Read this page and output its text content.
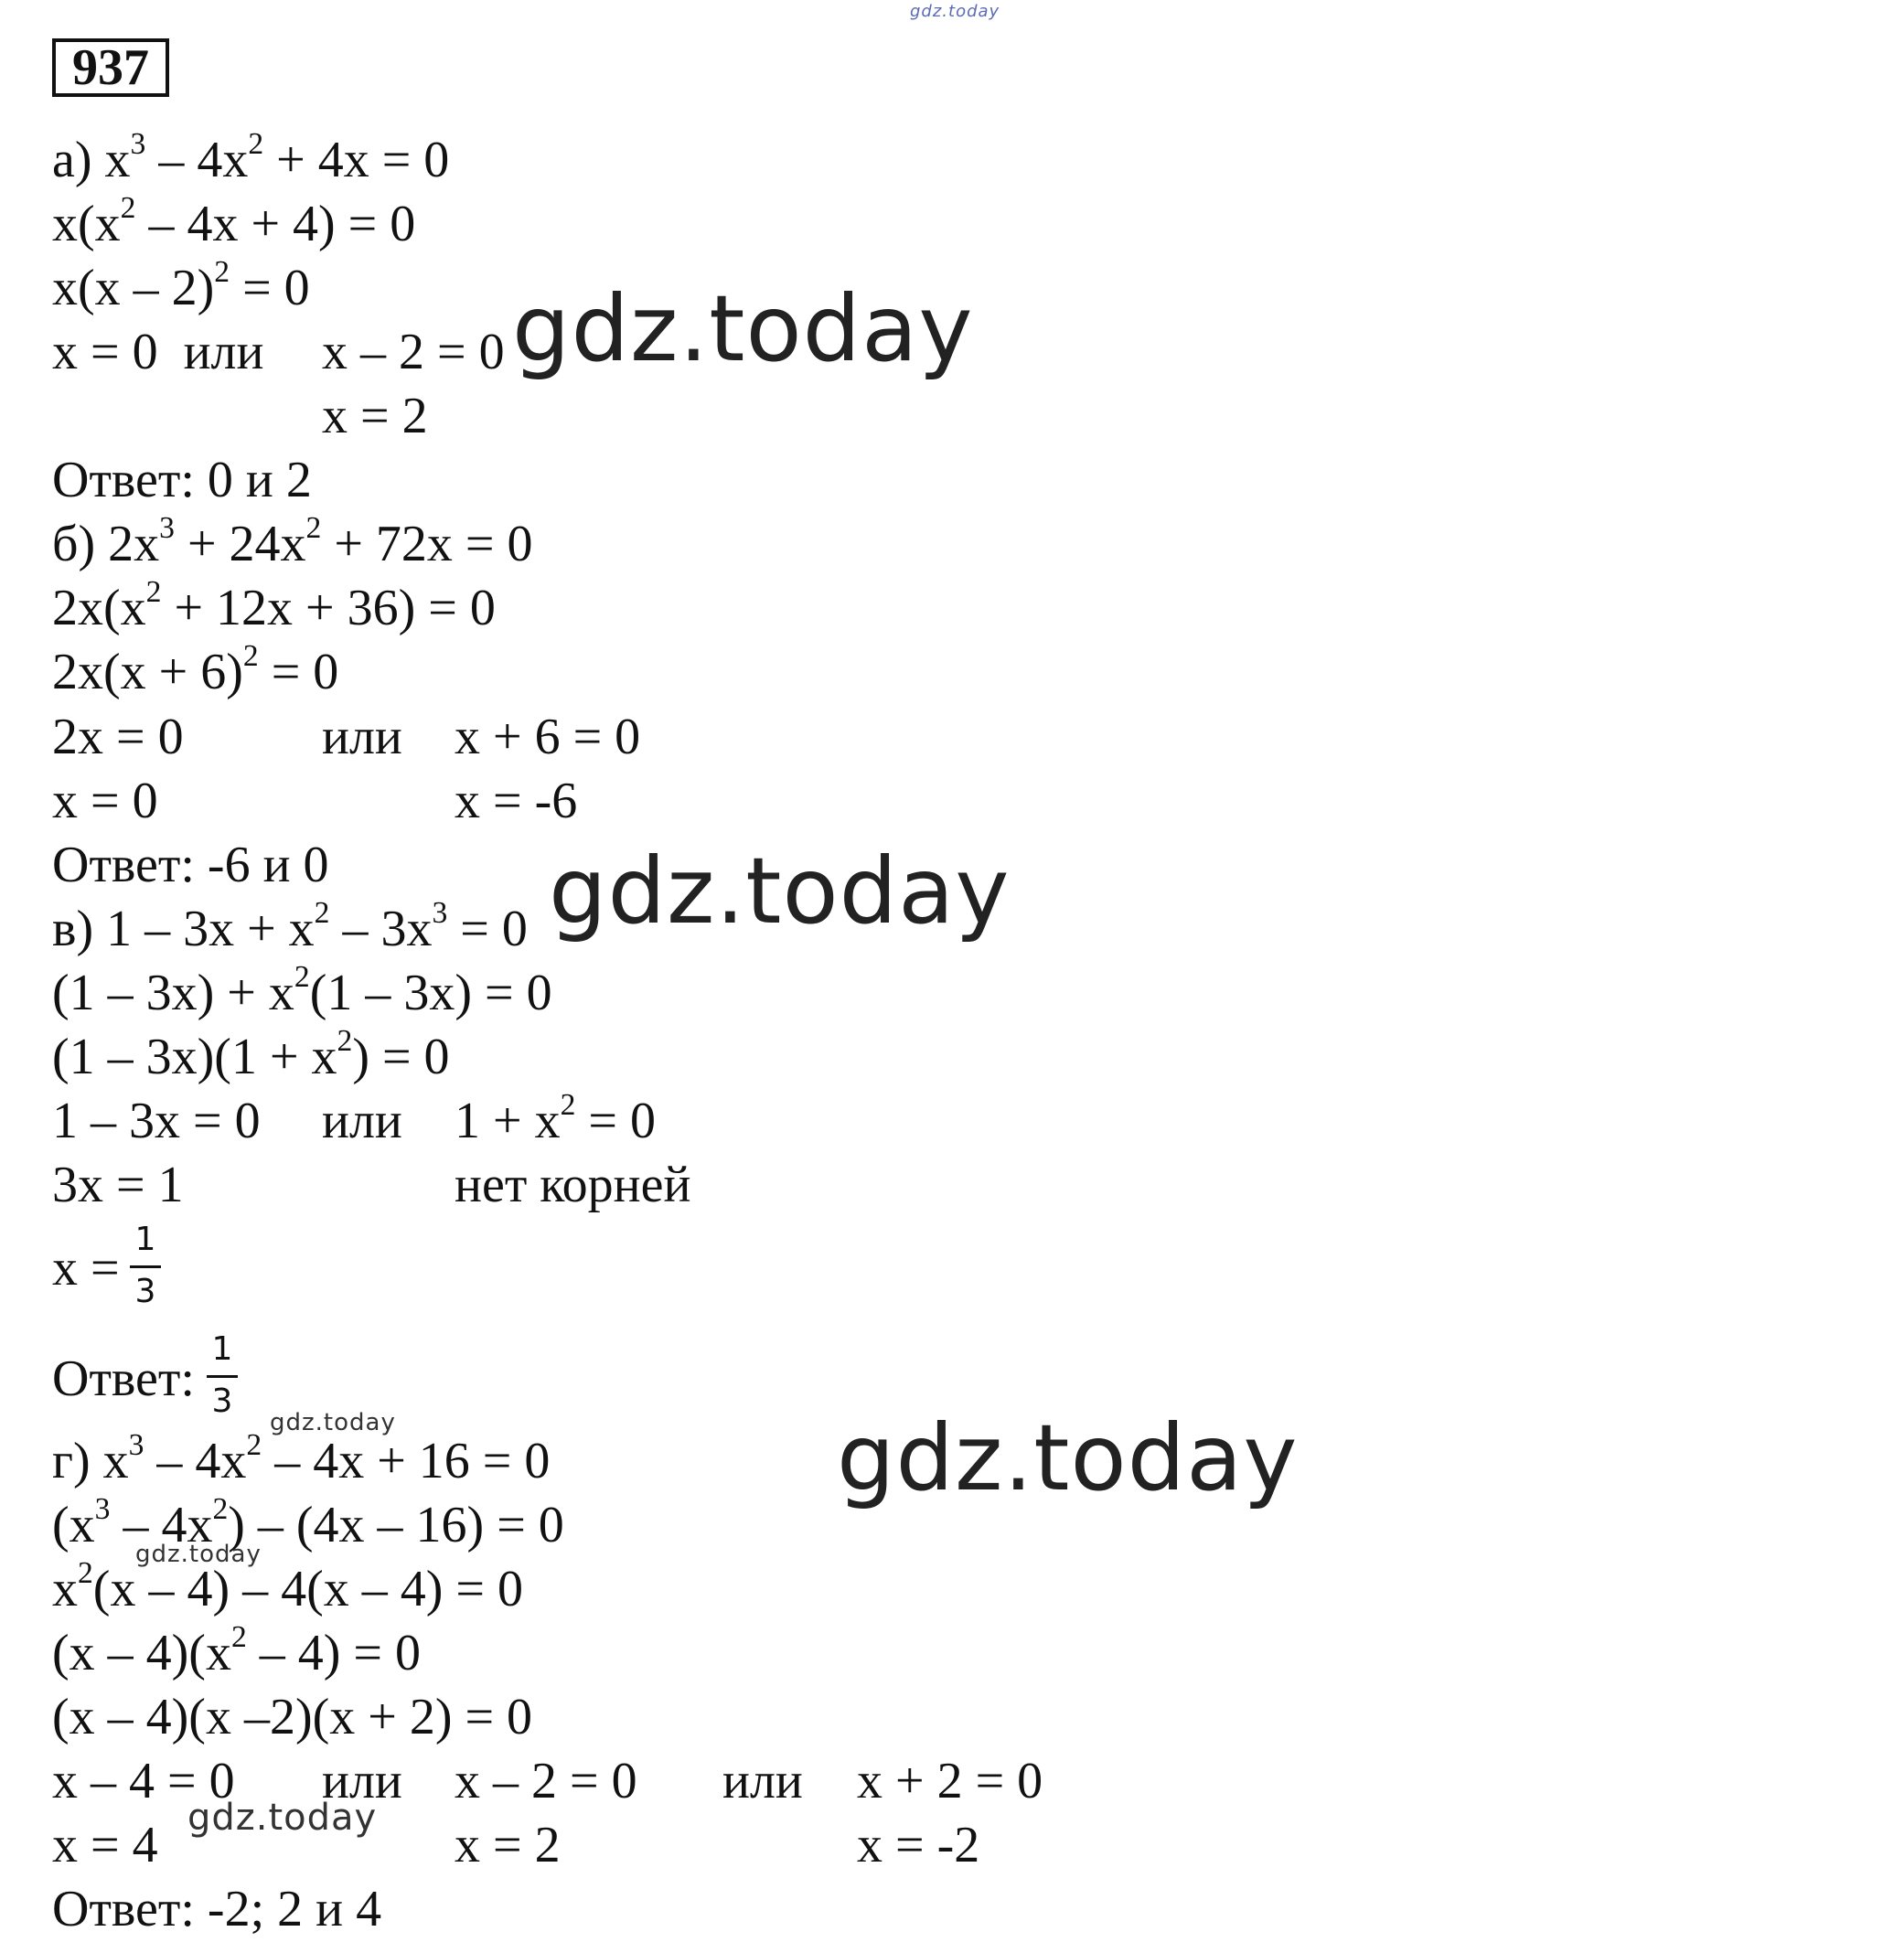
gdz.today
937
а) $x^3 - 4x^2 + 4x = 0$
$x(x^2 - 4x + 4) = 0$
x(x – 2)$^2$ = 0
x = 0  или x – 2 = 0
x = 2
Ответ: 0 и 2
б) $2x^3 + 24x^2 + 72x = 0$
$2x(x^2 + 12x + 36) = 0$
$2x(x + 6)^2 = 0$
2x = 0	или x + 6 = 0
x = 0	x = -6
Ответ: -6 и 0
в) $1 - 3x + x^2 - 3x^3 = 0$
$(1 - 3x) + x^2(1 - 3x) = 0$
$(1 - 3x)(1 + x^2) = 0$
1 – 3x = 0 или $1 + x^2 = 0$
3x = 1	нет корней
x =
1
3
Ответ:
1
3
г) $x^3 - 4x^2 - 4x + 16 = 0$
$(x^3 - 4x^2) - (4x - 16) = 0$
$x^2(x - 4) - 4(x - 4) = 0$
$(x - 4)(x^2 - 4) = 0$
(x – 4)(x –2)(x + 2) = 0
x – 4 = 0 или x – 2 = 0 или x + 2 = 0
x = 4	x = 2	x = -2
Ответ: -2; 2 и 4
gdz.today
gdz.today
gdz.today
gdz.today
gdz.today
gdz.today
